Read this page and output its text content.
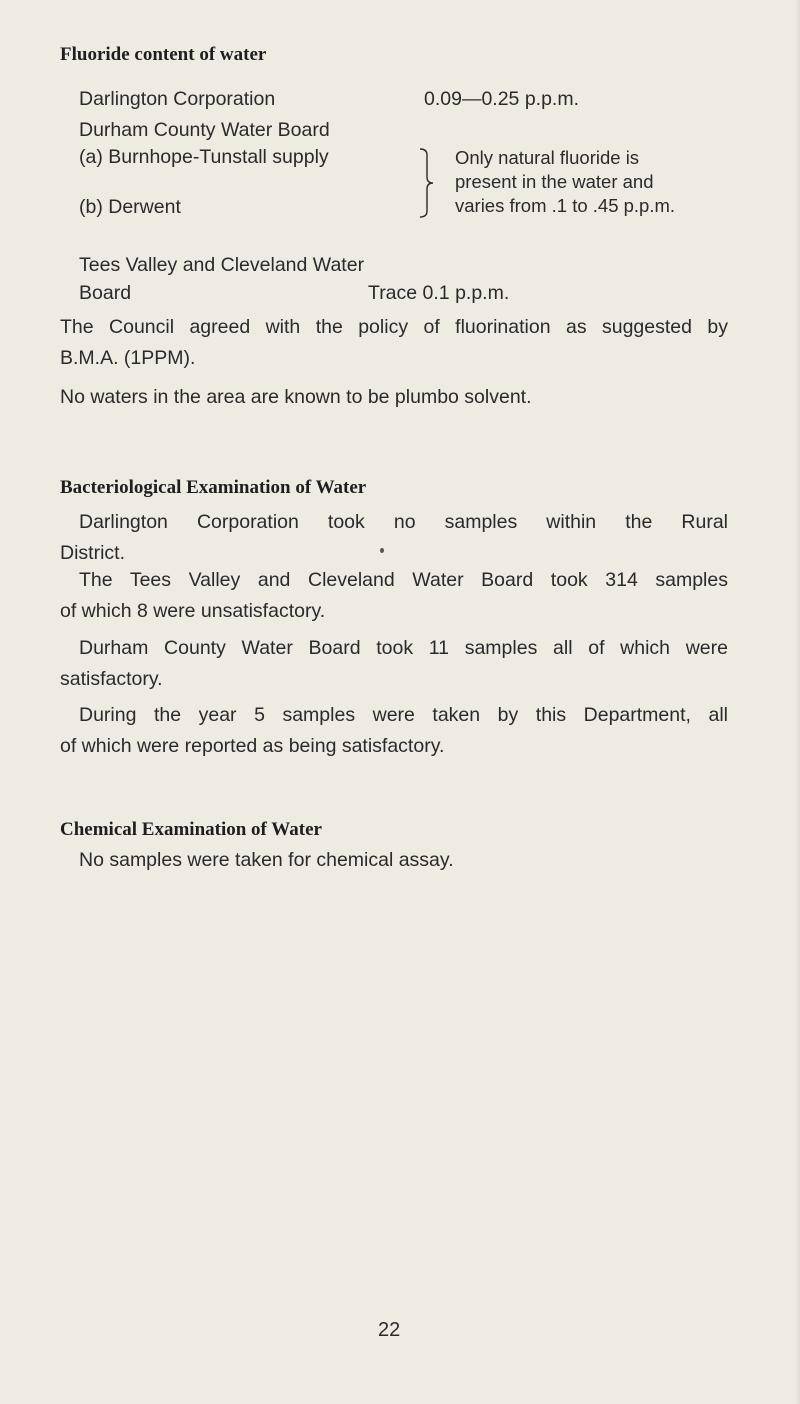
Fluoride content of water
Darlington Corporation	0.09—0.25 p.p.m.
Durham County Water Board
(a) Burnhope-Tunstall supply
(b) Derwent
Only natural fluoride is
present in the water and
varies from .1 to .45 p.p.m.
Tees Valley and Cleveland Water
Board	Trace 0.1 p.p.m.
The Council agreed with the policy of fluorination as suggested by
B.M.A. (1PPM).
No waters in the area are known to be plumbo solvent.
Bacteriological Examination of Water
Darlington Corporation took no samples within the Rural
District.
The Tees Valley and Cleveland Water Board took 314 samples
of which 8 were unsatisfactory.
Durham County Water Board took 11 samples all of which were
satisfactory.
During the year 5 samples were taken by this Department, all
of which were reported as being satisfactory.
Chemical Examination of Water
No samples were taken for chemical assay.
22
